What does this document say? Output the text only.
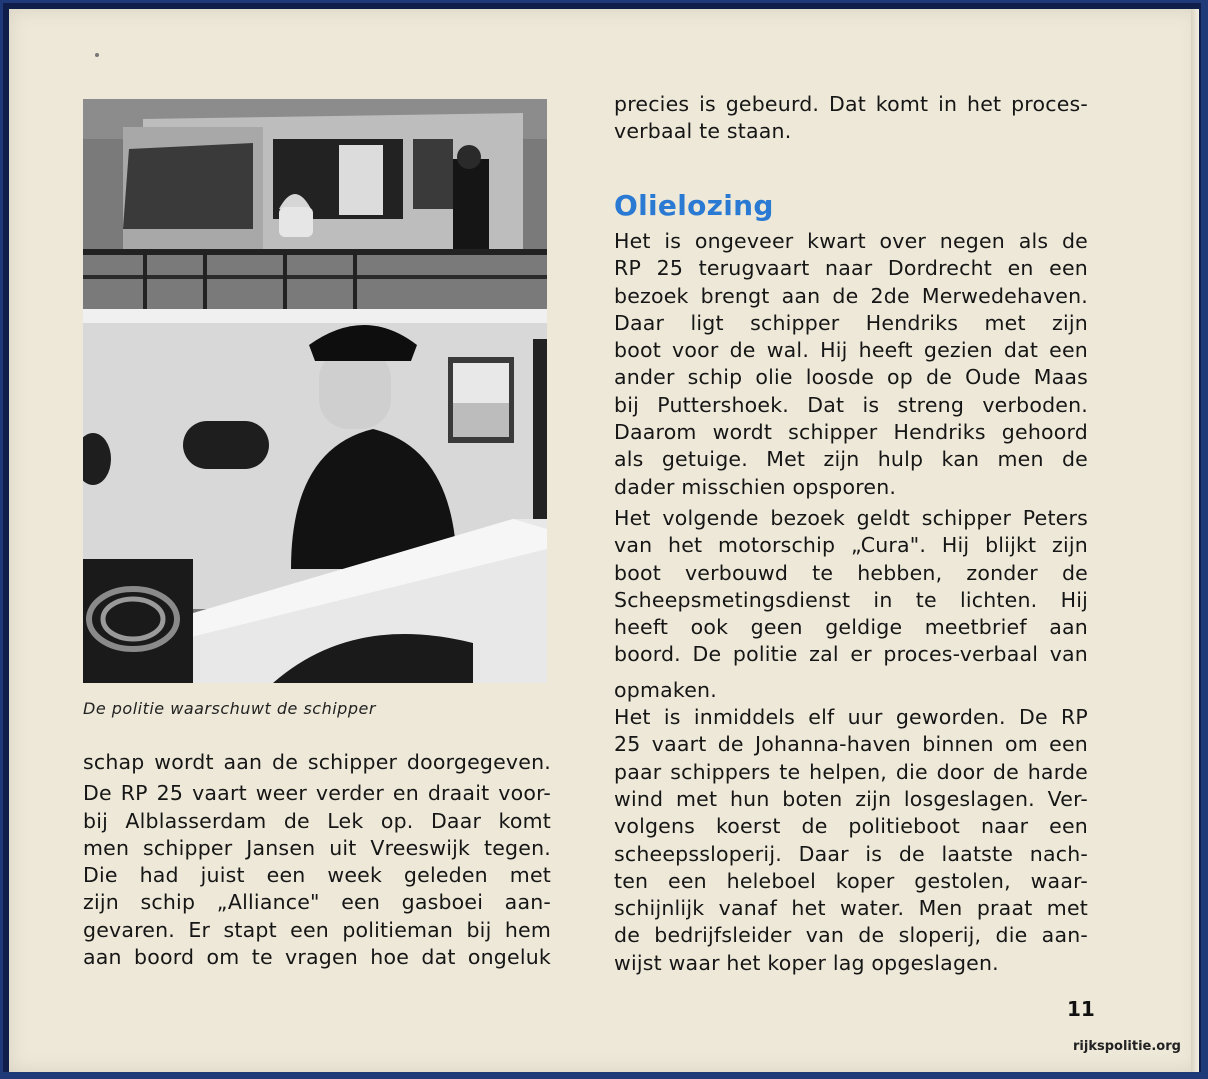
De politie waarschuwt de schipper

schap wordt aan de schipper doorgegeven.

De RP 25 vaart weer verder en draait voor-

bij Alblasserdam de Lek op. Daar komt

men schipper Jansen uit Vreeswijk tegen.

Die had juist een week geleden met

zijn schip „Alliance" een gasboei aan-

gevaren. Er stapt een politieman bij hem

aan boord om te vragen hoe dat ongeluk

precies is gebeurd. Dat komt in het proces-

verbaal te staan.

Olielozing

Het is ongeveer kwart over negen als de

RP 25 terugvaart naar Dordrecht en een

bezoek brengt aan de 2de Merwedehaven.

Daar ligt schipper Hendriks met zijn

boot voor de wal. Hij heeft gezien dat een

ander schip olie loosde op de Oude Maas

bij Puttershoek. Dat is streng verboden.

Daarom wordt schipper Hendriks gehoord

als getuige. Met zijn hulp kan men de

dader misschien opsporen.

Het volgende bezoek geldt schipper Peters

van het motorschip „Cura". Hij blijkt zijn

boot verbouwd te hebben, zonder de

Scheepsmetingsdienst in te lichten. Hij

heeft ook geen geldige meetbrief aan

boord. De politie zal er proces-verbaal van

opmaken.

Het is inmiddels elf uur geworden. De RP

25 vaart de Johanna-haven binnen om een

paar schippers te helpen, die door de harde

wind met hun boten zijn losgeslagen. Ver-

volgens koerst de politieboot naar een

scheepssloperij. Daar is de laatste nach-

ten een heleboel koper gestolen, waar-

schijnlijk vanaf het water. Men praat met

de bedrijfsleider van de sloperij, die aan-

wijst waar het koper lag opgeslagen.

11
rijkspolitie.org
